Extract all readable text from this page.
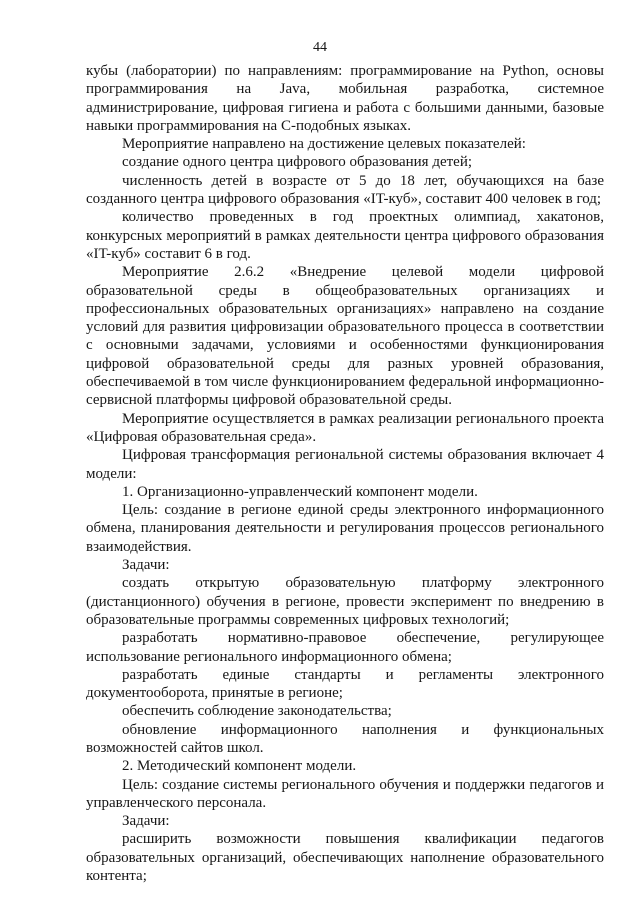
44

кубы (лаборатории) по направлениям: программирование на Python, основы программирования на Java, мобильная разработка, системное администрирование, цифровая гигиена и работа с большими данными, базовые навыки программирования на С-подобных языках.

Мероприятие направлено на достижение целевых показателей:

создание одного центра цифрового образования детей;

численность детей в возрасте от 5 до 18 лет, обучающихся на базе созданного центра цифрового образования «IT-куб», составит 400 человек в год;

количество проведенных в год проектных олимпиад, хакатонов, конкурсных мероприятий в рамках деятельности центра цифрового образования «IT-куб» составит 6 в год.

Мероприятие 2.6.2 «Внедрение целевой модели цифровой образовательной среды в общеобразовательных организациях и профессиональных образовательных организациях» направлено на создание условий для развития цифровизации образовательного процесса в соответствии с основными задачами, условиями и особенностями функционирования цифровой образовательной среды для разных уровней образования, обеспечиваемой в том числе функционированием федеральной информационно-сервисной платформы цифровой образовательной среды.

Мероприятие осуществляется в рамках реализации регионального проекта «Цифровая образовательная среда».

Цифровая трансформация региональной системы образования включает 4 модели:

1. Организационно-управленческий компонент модели.

Цель: создание в регионе единой среды электронного информационного обмена, планирования деятельности и регулирования процессов регионального взаимодействия.

Задачи:

создать открытую образовательную платформу электронного (дистанционного) обучения в регионе, провести эксперимент по внедрению в образовательные программы современных цифровых технологий;

разработать нормативно-правовое обеспечение, регулирующее использование регионального информационного обмена;

разработать единые стандарты и регламенты электронного документооборота, принятые в регионе;

обеспечить соблюдение законодательства;

обновление информационного наполнения и функциональных возможностей сайтов школ.

2. Методический компонент модели.

Цель: создание системы регионального обучения и поддержки педагогов и управленческого персонала.

Задачи:

расширить возможности повышения квалификации педагогов образовательных организаций, обеспечивающих наполнение образовательного контента;
